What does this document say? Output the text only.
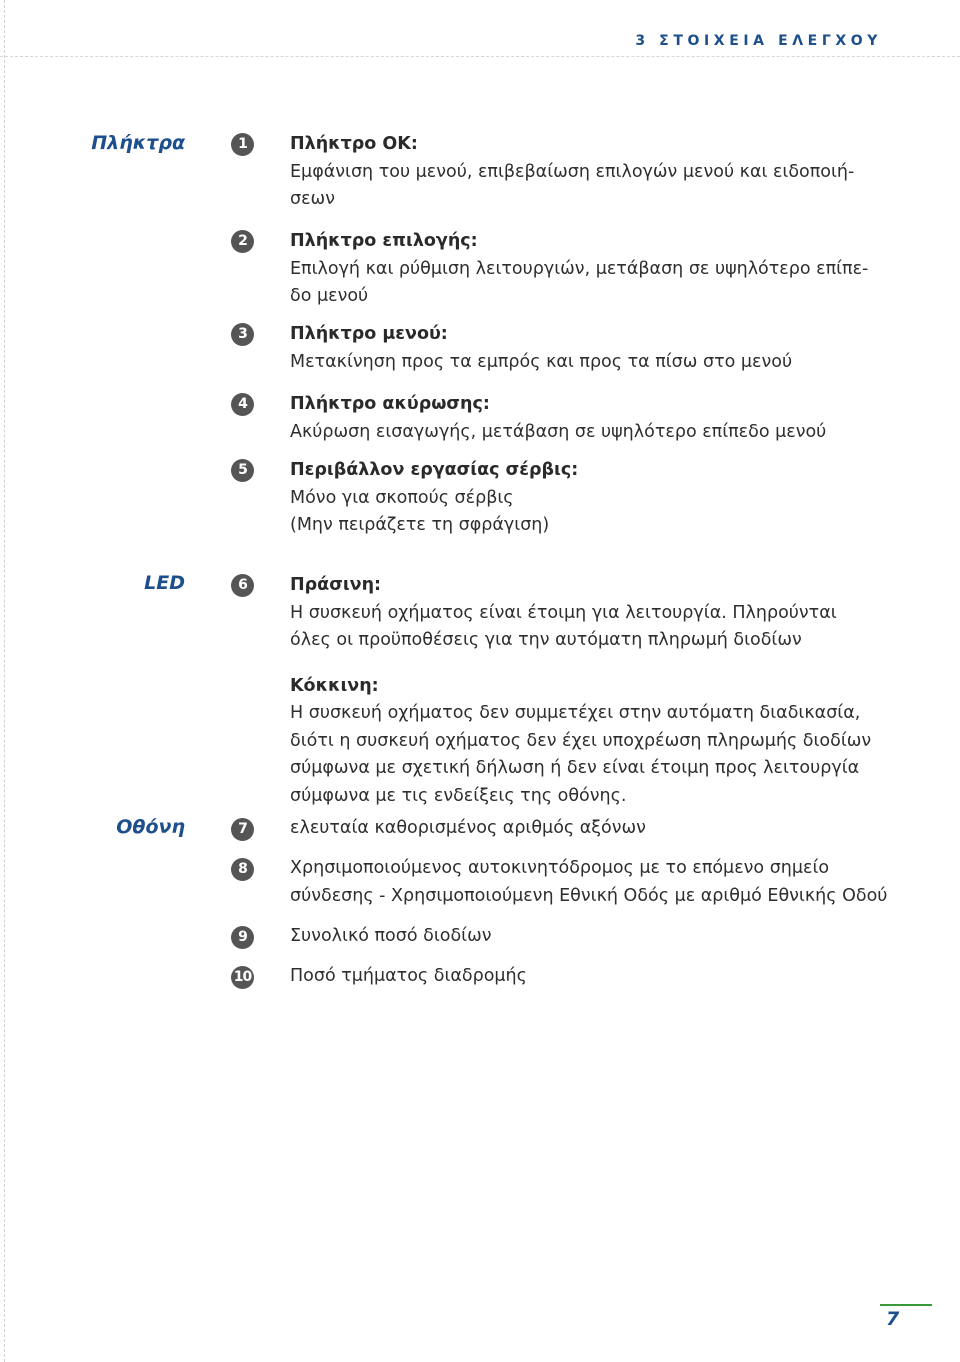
3 ΣΤΟΙΧΕΙΑ ΕΛΕΓΧΟΥ
Πλήκτρα
LED
Οθόνη
1	Πλήκτρο OK:
Εμφάνιση του μενού, επιβεβαίωση επιλογών μενού και ειδοποιή-
σεων
2	Πλήκτρο επιλογής:
Επιλογή και ρύθμιση λειτουργιών, μετάβαση σε υψηλότερο επίπε-
δο μενού
3	Πλήκτρο μενού:
Μετακίνηση προς τα εμπρός και προς τα πίσω στο μενού
4	Πλήκτρο ακύρωσης:
Ακύρωση εισαγωγής, μετάβαση σε υψηλότερο επίπεδο μενού
5	Περιβάλλον εργασίας σέρβις:
Μόνο για σκοπούς σέρβις
(Μην πειράζετε τη σφράγιση)
6	Πράσινη:
Η συσκευή οχήματος είναι έτοιμη για λειτουργία. Πληρούνται
όλες οι προϋποθέσεις για την αυτόματη πληρωμή διοδίων
Κόκκινη:
Η συσκευή οχήματος δεν συμμετέχει στην αυτόματη διαδικασία,
διότι η συσκευή οχήματος δεν έχει υποχρέωση πληρωμής διοδίων
σύμφωνα με σχετική δήλωση ή δεν είναι έτοιμη προς λειτουργία
σύμφωνα με τις ενδείξεις της οθόνης.
7	ελευταία καθορισμένος αριθμός αξόνων
8	Χρησιμοποιούμενος αυτοκινητόδρομος με το επόμενο σημείο
σύνδεσης - Χρησιμοποιούμενη Εθνική Οδός με αριθμό Εθνικής Οδού
9	Συνολικό ποσό διοδίων
10 Ποσό τμήματος διαδρομής
7
